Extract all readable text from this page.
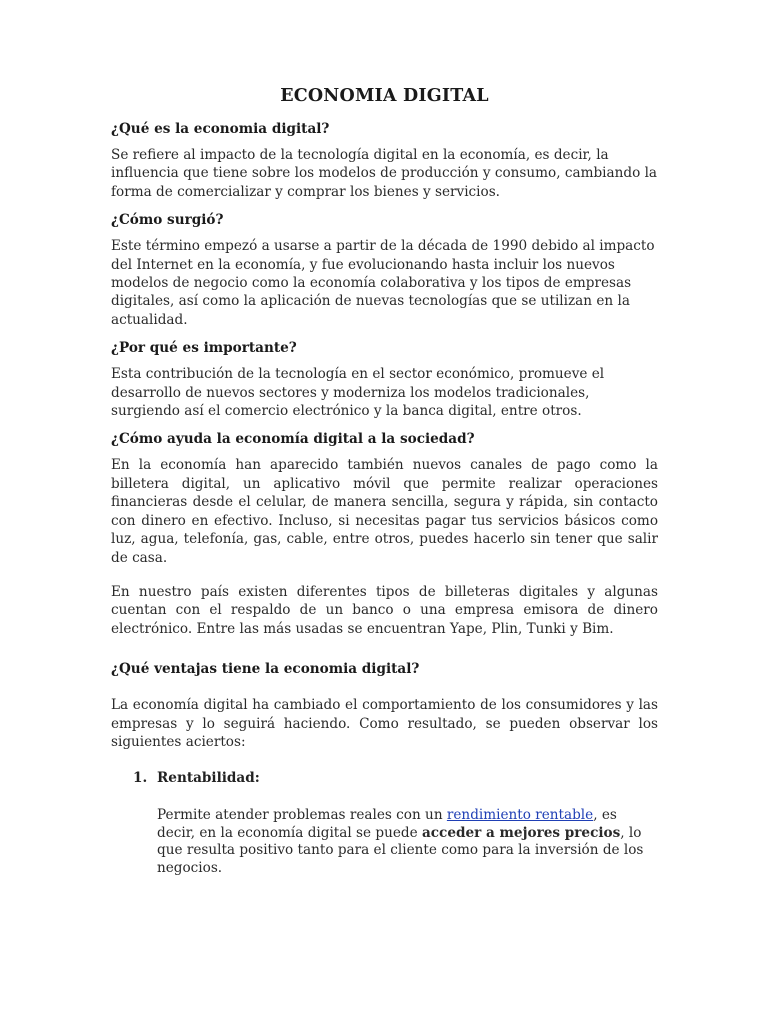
ECONOMIA DIGITAL
¿Qué es la economia digital?

Se refiere al impacto de la tecnología digital en la economía, es decir, la influencia que tiene sobre los modelos de producción y consumo, cambiando la forma de comercializar y comprar los bienes y servicios.

¿Cómo surgió?

Este término empezó a usarse a partir de la década de 1990 debido al impacto del Internet en la economía, y fue evolucionando hasta incluir los nuevos modelos de negocio como la economía colaborativa y los tipos de empresas digitales, así como la aplicación de nuevas tecnologías que se utilizan en la actualidad.

¿Por qué es importante?

Esta contribución de la tecnología en el sector económico, promueve el desarrollo de nuevos sectores y moderniza los modelos tradicionales, surgiendo así el comercio electrónico y la banca digital, entre otros.

¿Cómo ayuda la economía digital a la sociedad?

En la economía han aparecido también nuevos canales de pago como la billetera digital, un aplicativo móvil que permite realizar operaciones financieras desde el celular, de manera sencilla, segura y rápida, sin contacto con dinero en efectivo. Incluso, si necesitas pagar tus servicios básicos como luz, agua, telefonía, gas, cable, entre otros, puedes hacerlo sin tener que salir de casa.

En nuestro país existen diferentes tipos de billeteras digitales y algunas cuentan con el respaldo de un banco o una empresa emisora de dinero electrónico. Entre las más usadas se encuentran Yape, Plin, Tunki y Bim.

¿Qué ventajas tiene la economia digital?

La economía digital ha cambiado el comportamiento de los consumidores y las empresas y lo seguirá haciendo. Como resultado, se pueden observar los siguientes aciertos:

1. Rentabilidad:
Permite atender problemas reales con un rendimiento rentable, es decir, en la economía digital se puede acceder a mejores precios, lo que resulta positivo tanto para el cliente como para la inversión de los negocios.
